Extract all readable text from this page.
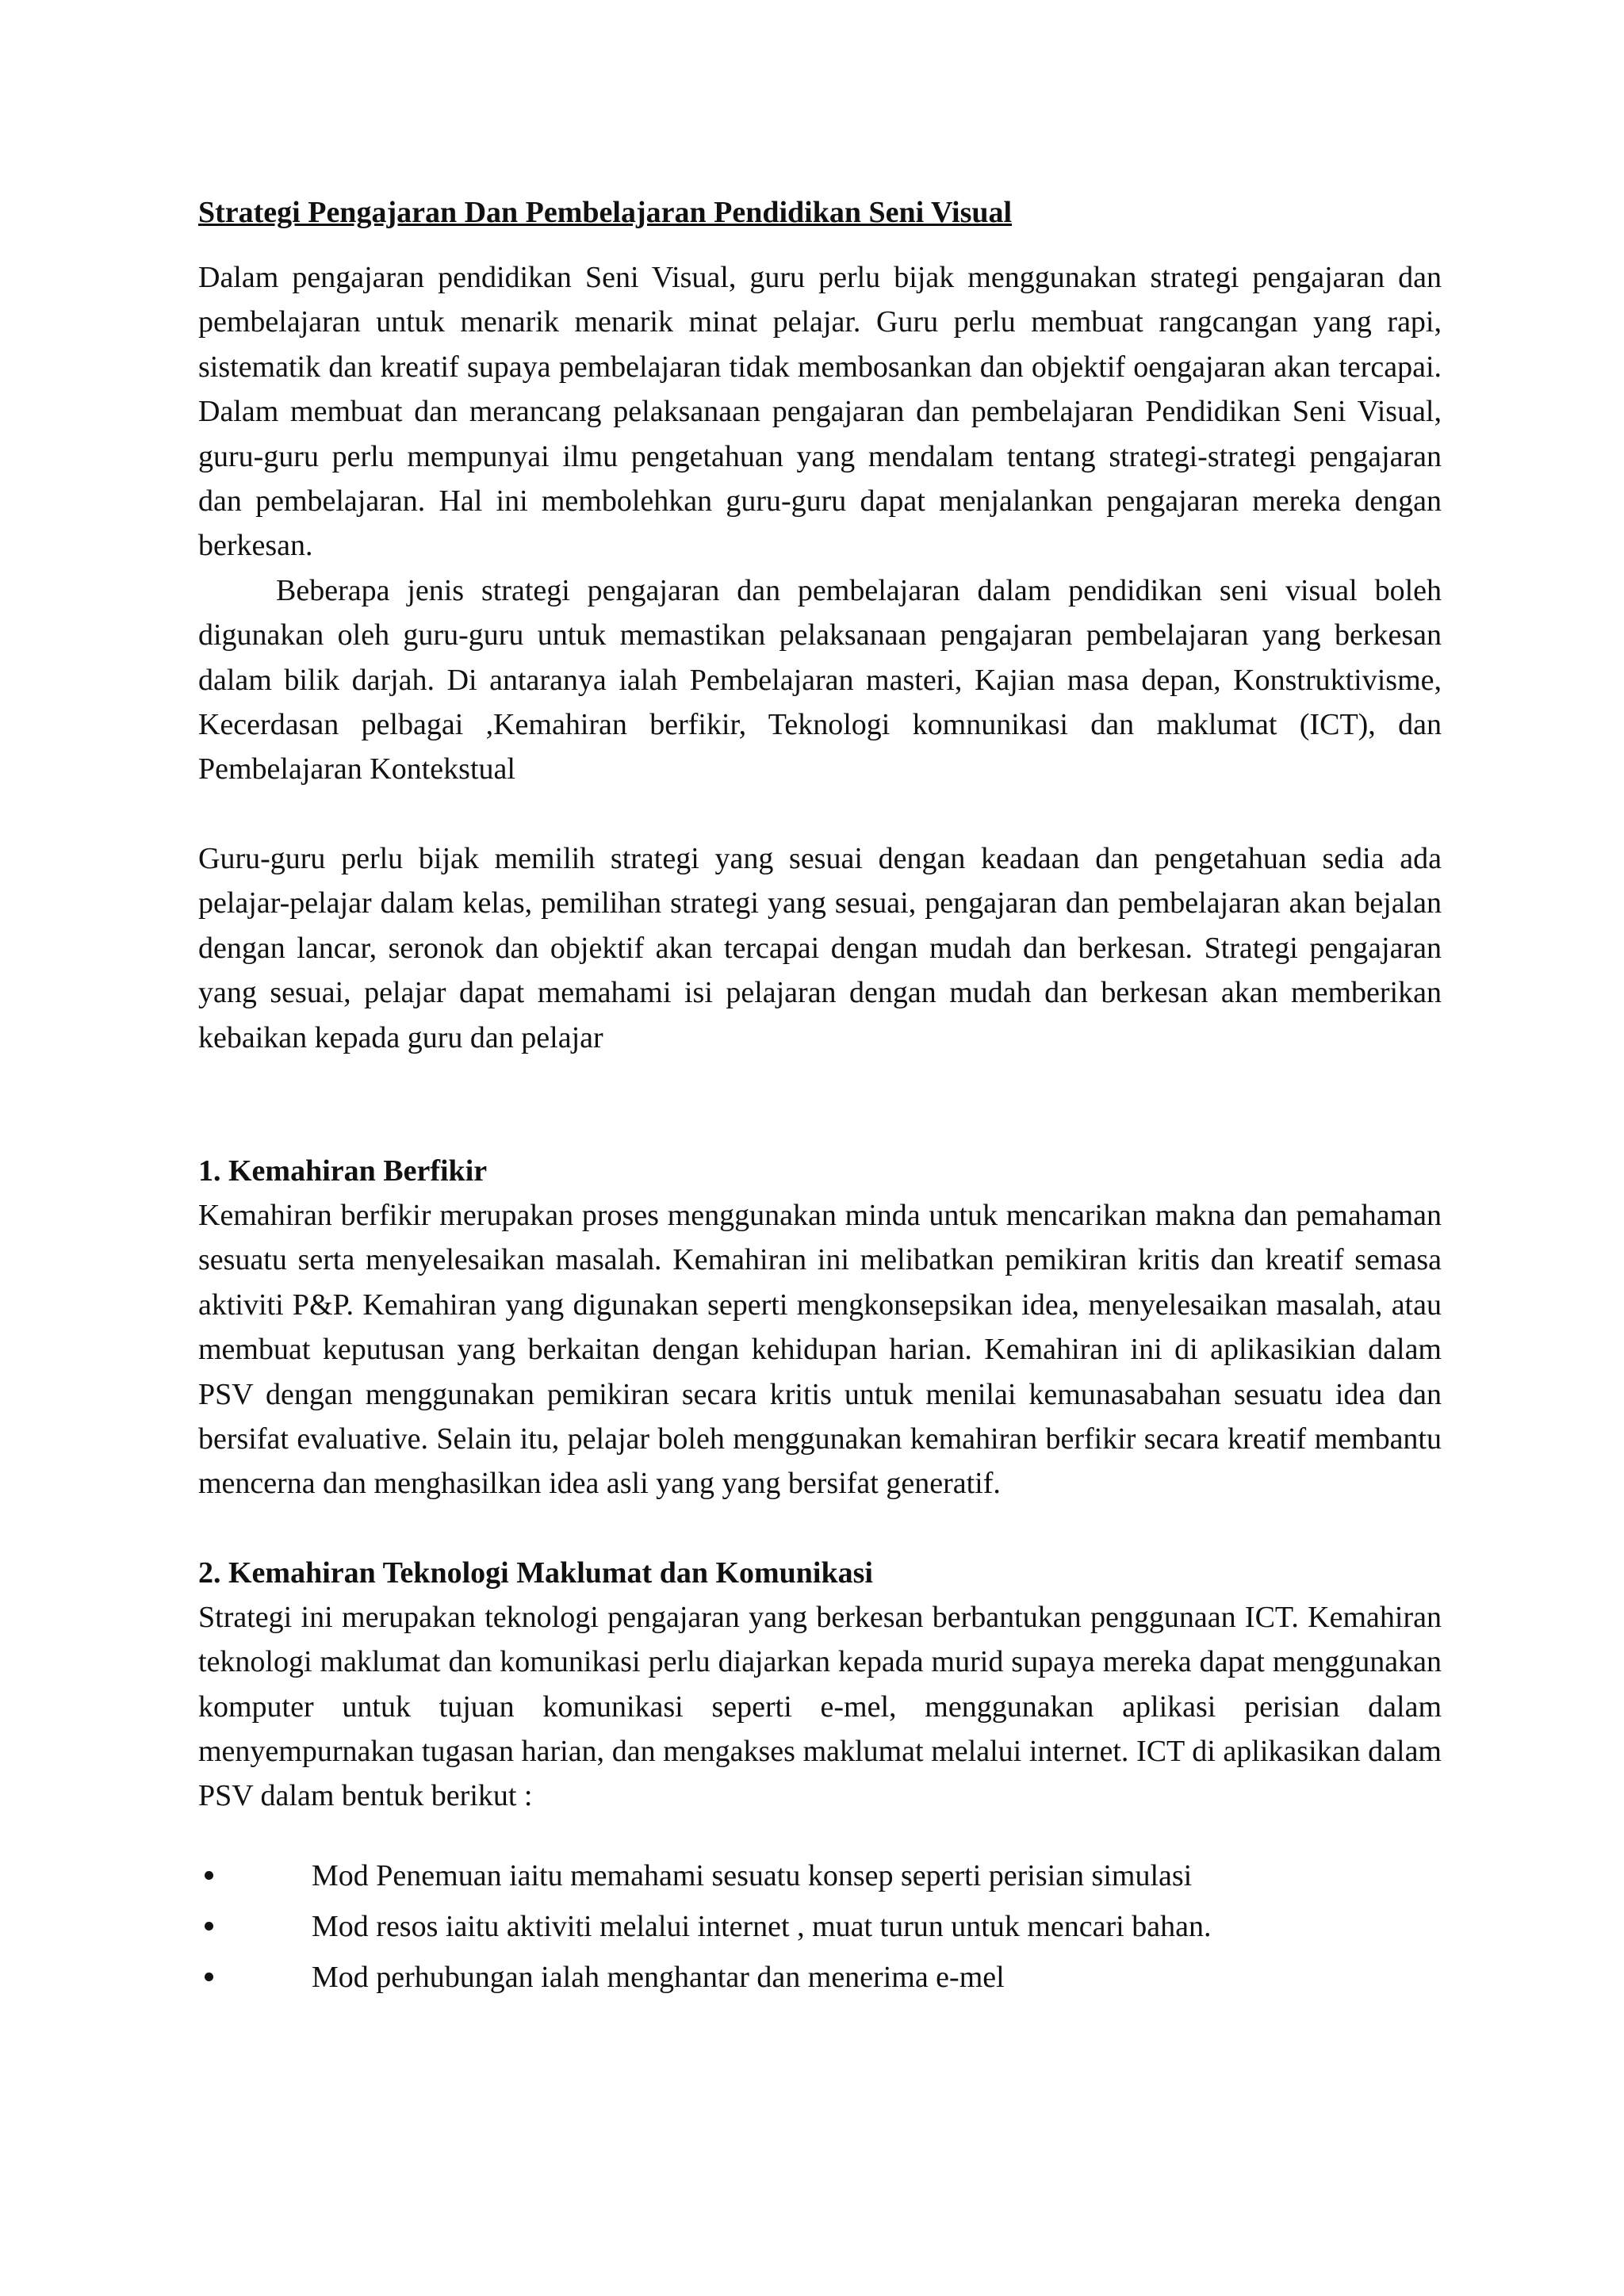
Strategi Pengajaran Dan Pembelajaran Pendidikan Seni Visual

Dalam pengajaran pendidikan Seni Visual, guru perlu bijak menggunakan strategi pengajaran dan pembelajaran untuk menarik menarik minat pelajar. Guru perlu membuat rangcangan yang rapi, sistematik dan kreatif supaya pembelajaran tidak membosankan dan objektif oengajaran akan tercapai. Dalam membuat dan merancang pelaksanaan pengajaran dan pembelajaran Pendidikan Seni Visual, guru-guru perlu mempunyai ilmu pengetahuan yang mendalam tentang strategi-strategi pengajaran dan pembelajaran. Hal ini membolehkan guru-guru dapat menjalankan pengajaran mereka dengan berkesan.

Beberapa jenis strategi pengajaran dan pembelajaran dalam pendidikan seni visual boleh digunakan oleh guru-guru untuk memastikan pelaksanaan pengajaran pembelajaran yang berkesan dalam bilik darjah. Di antaranya ialah Pembelajaran masteri, Kajian masa depan, Konstruktivisme, Kecerdasan pelbagai ,Kemahiran berfikir, Teknologi komnunikasi dan maklumat (ICT), dan Pembelajaran Kontekstual

Guru-guru perlu bijak memilih strategi yang sesuai dengan keadaan dan pengetahuan sedia ada pelajar-pelajar dalam kelas, pemilihan strategi yang sesuai, pengajaran dan pembelajaran akan bejalan dengan lancar, seronok dan objektif akan tercapai dengan mudah dan berkesan. Strategi pengajaran yang sesuai, pelajar dapat memahami isi pelajaran dengan mudah dan berkesan akan memberikan kebaikan kepada guru dan pelajar

1. Kemahiran Berfikir

Kemahiran berfikir merupakan proses menggunakan minda untuk mencarikan makna dan pemahaman sesuatu serta menyelesaikan masalah. Kemahiran ini melibatkan pemikiran kritis dan kreatif semasa aktiviti P&P. Kemahiran yang digunakan seperti mengkonsepsikan idea, menyelesaikan masalah, atau membuat keputusan yang berkaitan dengan kehidupan harian. Kemahiran ini di aplikasikian dalam PSV dengan menggunakan pemikiran secara kritis untuk menilai kemunasabahan sesuatu idea dan bersifat evaluative. Selain itu, pelajar boleh menggunakan kemahiran berfikir secara kreatif membantu mencerna dan menghasilkan idea asli yang yang bersifat generatif.

2. Kemahiran Teknologi Maklumat dan Komunikasi

Strategi ini merupakan teknologi pengajaran yang berkesan berbantukan penggunaan ICT. Kemahiran teknologi maklumat dan komunikasi perlu diajarkan kepada murid supaya mereka dapat menggunakan komputer untuk tujuan komunikasi seperti e-mel, menggunakan aplikasi perisian dalam menyempurnakan tugasan harian, dan mengakses maklumat melalui internet. ICT di aplikasikan dalam PSV dalam bentuk berikut :

Mod Penemuan iaitu memahami sesuatu konsep seperti perisian simulasi
Mod resos iaitu aktiviti melalui internet , muat turun untuk mencari bahan.
Mod perhubungan ialah menghantar dan menerima e-mel
